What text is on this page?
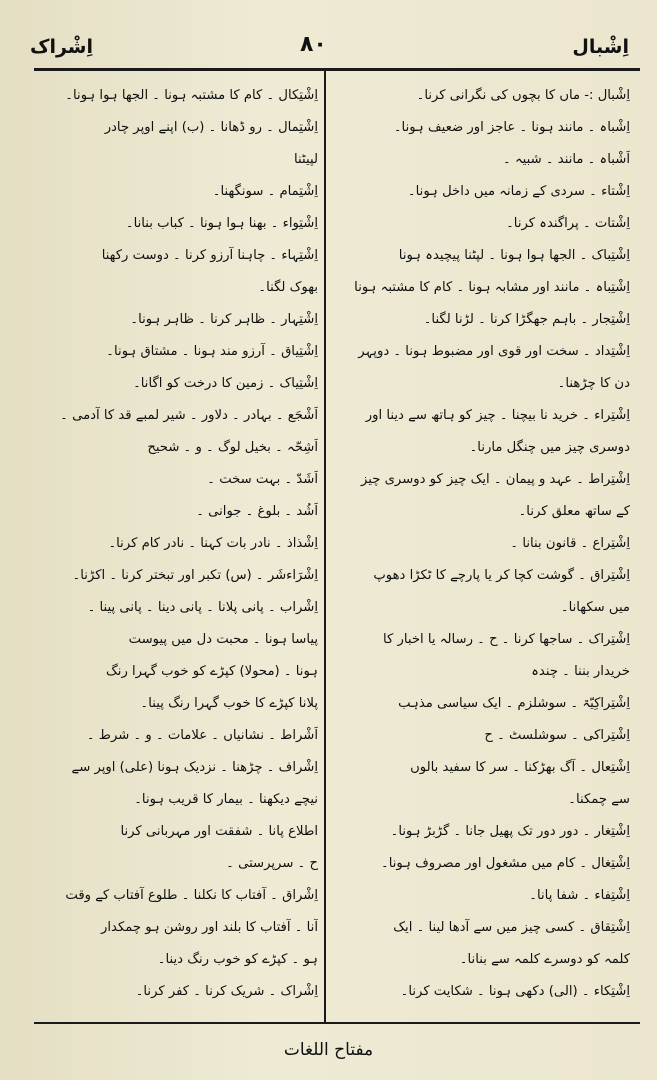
اِشْراک	۸۰	اِشْبال

اِشْبال :- ماں کا بچوں کی نگرانی کرنا۔

اِشْباہ ۔ مانند ہونا ۔ عاجز اور ضعیف ہونا۔

اَشْباہ ۔ مانند ۔ شبیہ ۔

اِشْتاء ۔ سردی کے زمانہ میں داخل ہونا۔

اِشْتات ۔ پراگندہ کرنا۔

اِشْتِباک ۔ الجھا ہوا ہونا ۔ لپٹنا پیچیدہ ہونا

اِشْتِباہ ۔ مانند اور مشابہ ہونا ۔ کام کا مشتبہ ہونا

اِشْتِجار ۔ باہم جھگڑا کرنا ۔ لڑنا لگنا۔

اِشْتِداد ۔ سخت اور قوی اور مضبوط ہونا ۔ دوپہر

دن کا چڑھنا۔

اِشْتِراء ۔ خرید نا بیچنا ۔ چیز کو ہاتھ سے دینا اور

دوسری چیز میں چنگل مارنا۔

اِشْتِراط ۔ عہد و پیمان ۔ ایک چیز کو دوسری چیز

کے ساتھ معلق کرنا۔

اِشْتِراع ۔ قانون بنانا ۔

اِشْتِراق ۔ گوشت کچا کر یا پارچے کا ٹکڑا دھوپ

میں سکھانا۔

اِشْتِراک ۔ ساجھا کرنا ۔ ح ۔ رسالہ یا اخبار کا

خریدار بننا ۔ چندہ

اِشْتِراکِیّۃ ۔ سوشلزم ۔ ایک سیاسی مذہب

اِشْتِراکی ۔ سوشلسٹ ۔ ح

اِشْتِعال ۔ آگ بھڑکنا ۔ سر کا سفید بالوں

سے چمکنا۔

اِشْتِغار ۔ دور دور تک پھیل جانا ۔ گڑبڑ ہونا۔

اِشْتِغال ۔ کام میں مشغول اور مصروف ہونا۔

اِشْتِفاء ۔ شفا پانا۔

اِشْتِقاق ۔ کسی چیز میں سے آدھا لینا ۔ ایک

کلمہ کو دوسرے کلمہ سے بنانا۔

اِشْتِکاء ۔ (الی) دکھی ہونا ۔ شکایت کرنا۔

اِشْتِکال ۔ کام کا مشتبہ ہونا ۔ الجھا ہوا ہونا۔

اِشْتِمال ۔ رو ڈھانا ۔ (ب) اپنے اوپر چادر

لپیٹنا

اِشْتِمام ۔ سونگھنا۔

اِشْتِواء ۔ بھنا ہوا ہونا ۔ کباب بنانا۔

اِشْتِہاء ۔ چاہنا آرزو کرنا ۔ دوست رکھنا

بھوک لگنا۔

اِشْتِہار ۔ ظاہر کرنا ۔ ظاہر ہونا۔

اِشْتِیاق ۔ آرزو مند ہونا ۔ مشتاق ہونا۔

اِشْتِیاک ۔ زمین کا درخت کو اگانا۔

اَشْجَع ۔ بہادر ۔ دلاور ۔ شیر لمبے قد کا آدمی ۔

اَشِحّہ ۔ بخیل لوگ ۔ و ۔ شحیح

اَشَدّ ۔ بہت سخت ۔

اَشُد ۔ بلوغ ۔ جوانی ۔

اِشْذاذ ۔ نادر بات کہنا ۔ نادر کام کرنا۔

اِشْرَاءشَر ۔ (س) تکبر اور تبختر کرنا ۔ اکڑنا۔

اِشْراب ۔ پانی پلانا ۔ پانی دینا ۔ پانی پینا ۔

پیاسا ہونا ۔ محبت دل میں پیوست

ہونا ۔ (محولا) کپڑے کو خوب گہرا رنگ

پلانا کپڑے کا خوب گہرا رنگ پینا۔

اَشْراط ۔ نشانیاں ۔ علامات ۔ و ۔ شرط ۔

اِشْراف ۔ چڑھنا ۔ نزدیک ہونا (علی) اوپر سے

نیچے دیکھنا ۔ بیمار کا قریب ہونا۔

اطلاع پانا ۔ شفقت اور مہربانی کرنا

ح ۔ سرپرستی ۔

اِشْراق ۔ آفتاب کا نکلنا ۔ طلوع آفتاب کے وقت

آنا ۔ آفتاب کا بلند اور روشن ہو چمکدار

ہو ۔ کپڑے کو خوب رنگ دینا۔

اِشْراک ۔ شریک کرنا ۔ کفر کرنا۔

مفتاح اللغات
